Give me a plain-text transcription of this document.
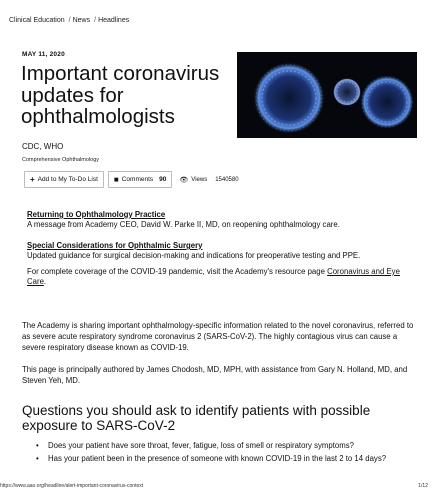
Clinical Education / News / Headlines
MAY 11, 2020
Important coronavirus updates for ophthalmologists
CDC, WHO
Comprehensive Ophthalmology
+ Add to My To-Do List ■ Comments 90 👁 Views 1540580

Returning to Ophthalmology Practice
A message from Academy CEO, David W. Parke II, MD, on reopening ophthalmology care.

Special Considerations for Ophthalmic Surgery
Updated guidance for surgical decision-making and indications for preoperative testing and PPE.

For complete coverage of the COVID-19 pandemic, visit the Academy's resource page Coronavirus and Eye Care.

The Academy is sharing important ophthalmology-specific information related to the novel coronavirus, referred to as severe acute respiratory syndrome coronavirus 2 (SARS-CoV-2). The highly contagious virus can cause a severe respiratory disease known as COVID-19.

This page is principally authored by James Chodosh, MD, MPH, with assistance from Gary N. Holland, MD, and Steven Yeh, MD.

Questions you should ask to identify patients with possible exposure to SARS-CoV-2
• Does your patient have sore throat, fever, fatigue, loss of smell or respiratory symptoms?
• Has your patient been in the presence of someone with known COVID-19 in the last 2 to 14 days?
https://www.aao.org/headline/alert-important-coronavirus-context	1/12
